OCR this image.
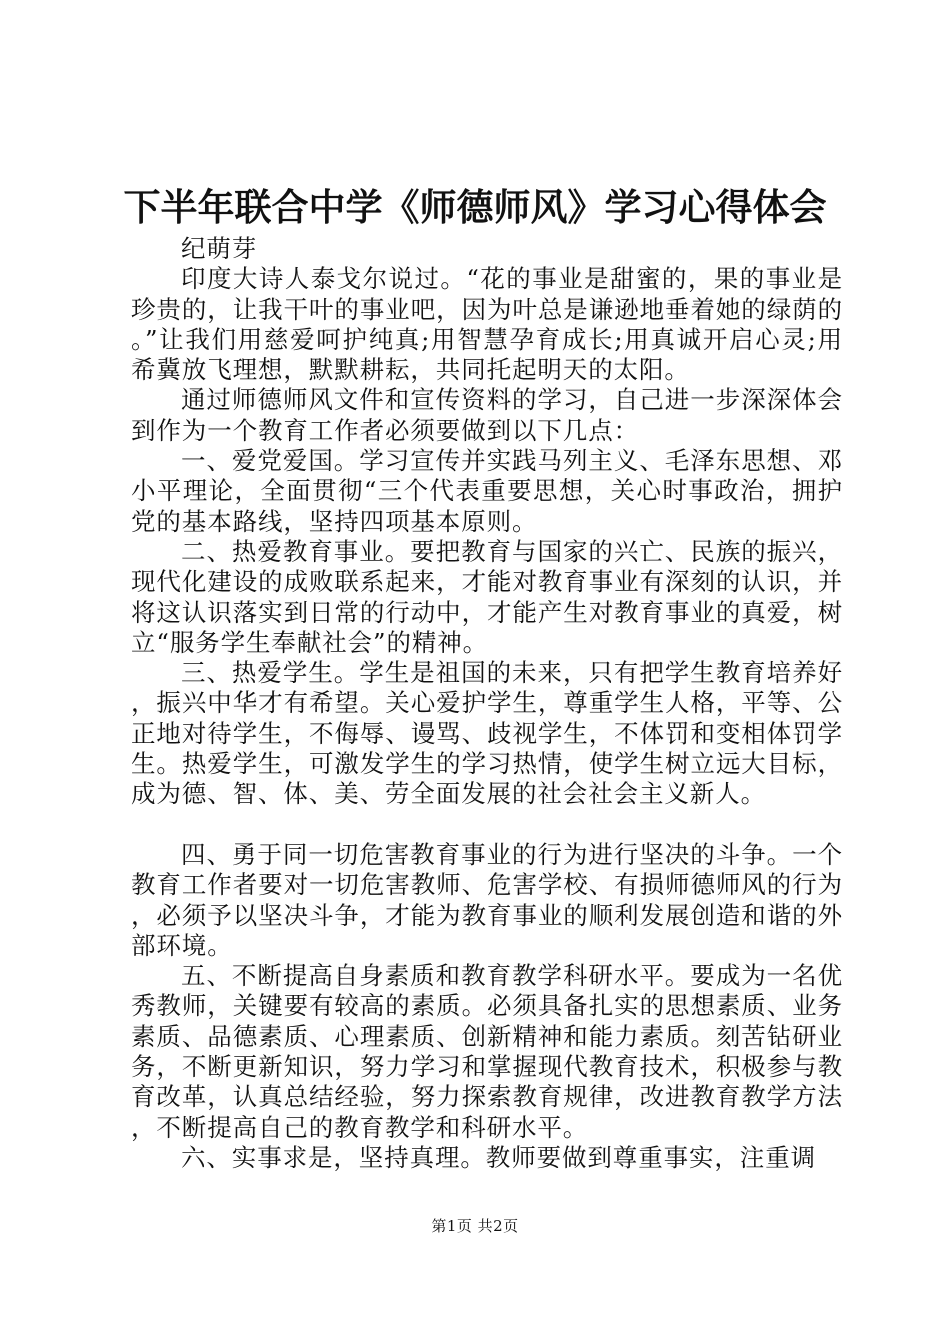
下半年联合中学《师德师风》学习心得体会

纪萌芽

印度大诗人泰戈尔说过。“花的事业是甜蜜的，果的事业是珍贵的，让我干叶的事业吧，因为叶总是谦逊地垂着她的绿荫的。”让我们用慈爱呵护纯真;用智慧孕育成长;用真诚开启心灵;用希冀放飞理想，默默耕耘，共同托起明天的太阳。

通过师德师风文件和宣传资料的学习，自己进一步深深体会到作为一个教育工作者必须要做到以下几点：

一、爱党爱国。学习宣传并实践马列主义、毛泽东思想、邓小平理论，全面贯彻“三个代表重要思想，关心时事政治，拥护党的基本路线，坚持四项基本原则。

二、热爱教育事业。要把教育与国家的兴亡、民族的振兴，现代化建设的成败联系起来，才能对教育事业有深刻的认识，并将这认识落实到日常的行动中，才能产生对教育事业的真爱，树立“服务学生奉献社会”的精神。

三、热爱学生。学生是祖国的未来，只有把学生教育培养好，振兴中华才有希望。关心爱护学生，尊重学生人格，平等、公正地对待学生，不侮辱、谩骂、歧视学生，不体罚和变相体罚学生。热爱学生，可激发学生的学习热情，使学生树立远大目标，成为德、智、体、美、劳全面发展的社会社会主义新人。

四、勇于同一切危害教育事业的行为进行坚决的斗争。一个教育工作者要对一切危害教师、危害学校、有损师德师风的行为，必须予以坚决斗争，才能为教育事业的顺利发展创造和谐的外部环境。

五、不断提高自身素质和教育教学科研水平。要成为一名优秀教师，关键要有较高的素质。必须具备扎实的思想素质、业务素质、品德素质、心理素质、创新精神和能力素质。刻苦钻研业务，不断更新知识，努力学习和掌握现代教育技术，积极参与教育改革，认真总结经验，努力探索教育规律，改进教育教学方法，不断提高自己的教育教学和科研水平。

六、实事求是，坚持真理。教师要做到尊重事实，注重调

第1页 共2页
